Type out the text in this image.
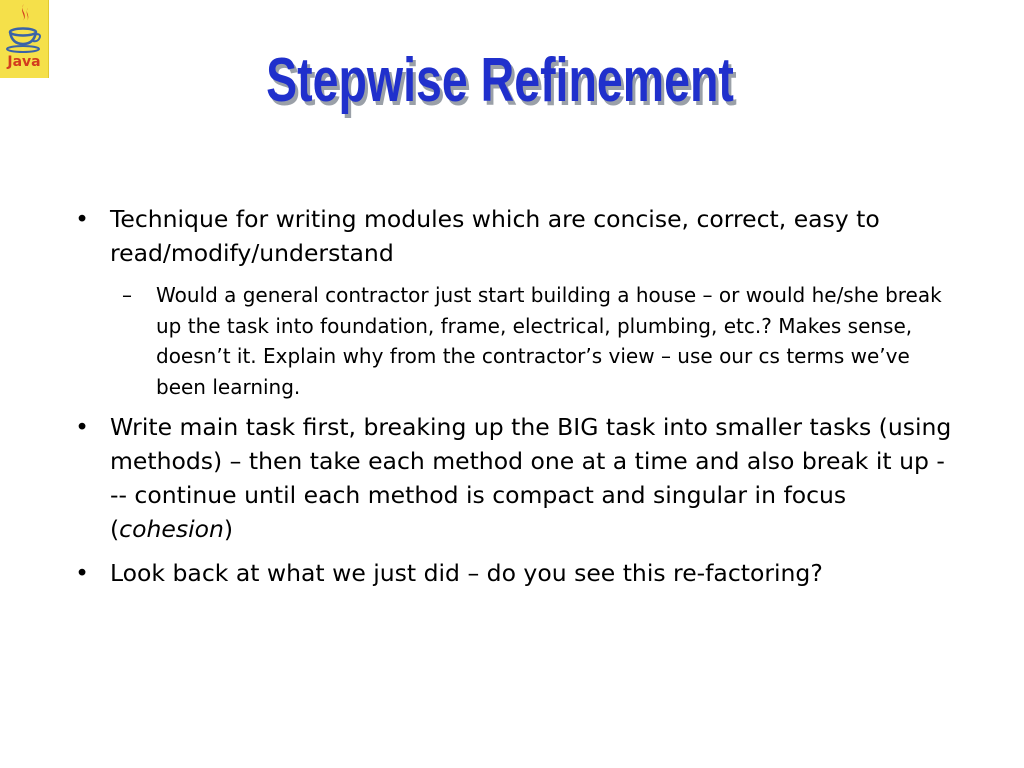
Java	Stepwise Refinement
• Technique for writing modules which are concise, correct, easy to read/modify/understand
– Would a general contractor just start building a house – or would he/she break up the task into foundation, frame, electrical, plumbing, etc.? Makes sense, doesn’t it. Explain why from the contractor’s view – use our cs terms we’ve been learning.
• Write main task first, breaking up the BIG task into smaller tasks (using methods) – then take each method one at a time and also break it up --- continue until each method is compact and singular in focus (cohesion)
• Look back at what we just did – do you see this re-factoring?
